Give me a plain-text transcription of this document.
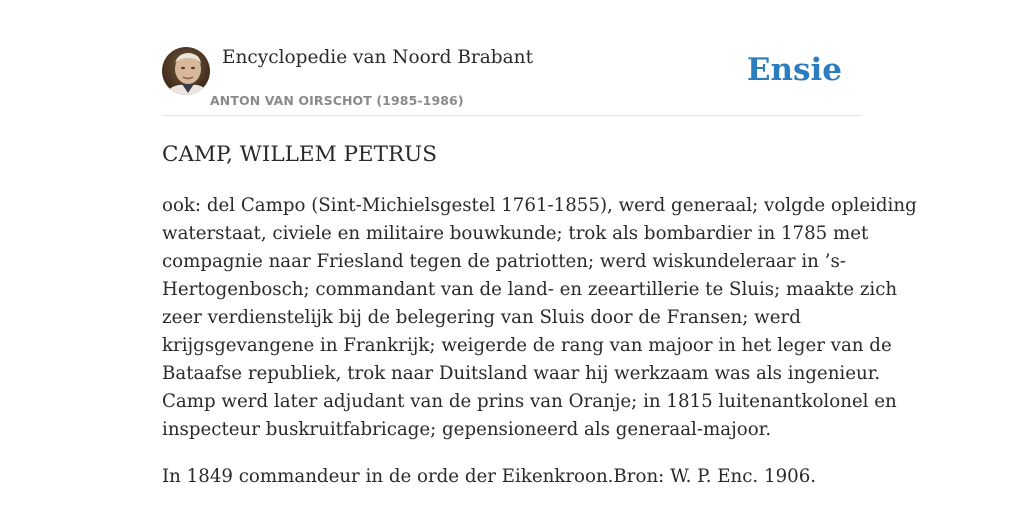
Encyclopedie van Noord Brabant
ANTON VAN OIRSCHOT (1985-1986)
Ensie
CAMP, WILLEM PETRUS

ook: del Campo (Sint-Michielsgestel 1761-1855), werd generaal; volgde opleiding
waterstaat, civiele en militaire bouwkunde; trok als bombardier in 1785 met
compagnie naar Friesland tegen de patriotten; werd wiskundeleraar in ’s-
Hertogenbosch; commandant van de land- en zeeartillerie te Sluis; maakte zich
zeer verdienstelijk bij de belegering van Sluis door de Fransen; werd
krijgsgevangene in Frankrijk; weigerde de rang van majoor in het leger van de
Bataafse republiek, trok naar Duitsland waar hij werkzaam was als ingenieur.
Camp werd later adjudant van de prins van Oranje; in 1815 luitenantkolonel en
inspecteur buskruitfabricage; gepensioneerd als generaal-majoor.

In 1849 commandeur in de orde der Eikenkroon.Bron: W. P. Enc. 1906.
